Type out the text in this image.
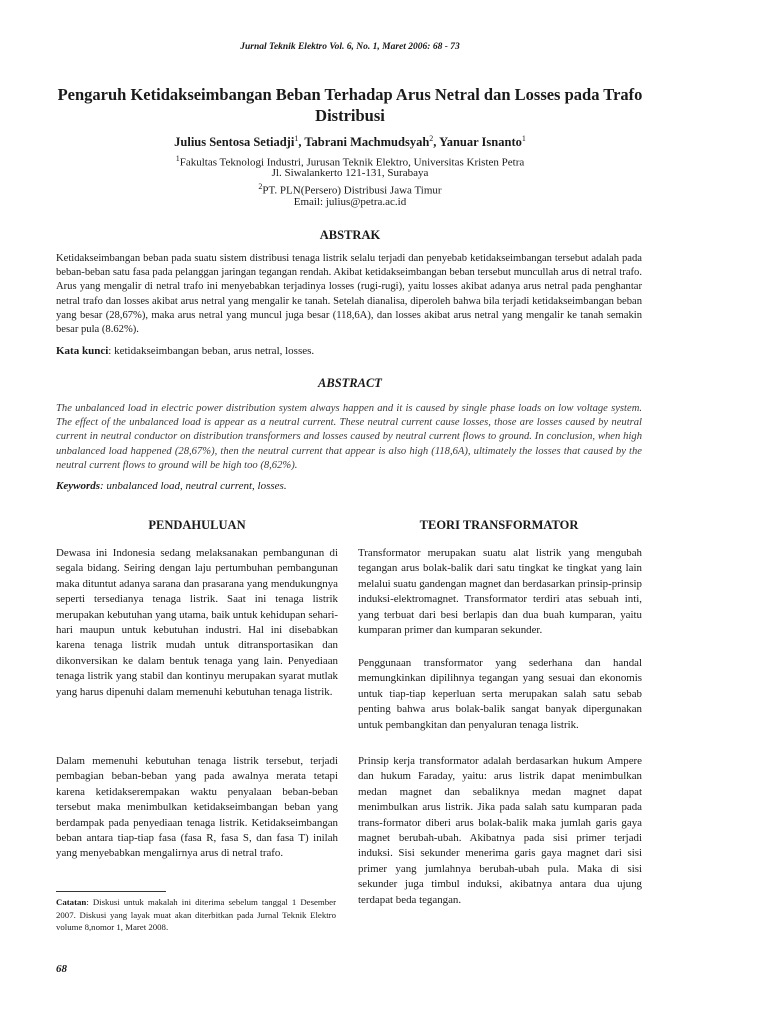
Jurnal Teknik Elektro Vol. 6, No. 1, Maret 2006: 68 - 73
Pengaruh Ketidakseimbangan Beban Terhadap Arus Netral dan Losses pada Trafo Distribusi
Julius Sentosa Setiadji$^1$, Tabrani Machmudsyah$^2$, Yanuar Isnanto$^1$
$^1$Fakultas Teknologi Industri, Jurusan Teknik Elektro, Universitas Kristen Petra
Jl. Siwalankerto 121-131, Surabaya
$^2$PT. PLN(Persero) Distribusi Jawa Timur
Email: julius@petra.ac.id
ABSTRAK
Ketidakseimbangan beban pada suatu sistem distribusi tenaga listrik selalu terjadi dan penyebab ketidakseimbangan tersebut adalah pada beban-beban satu fasa pada pelanggan jaringan tegangan rendah. Akibat ketidakseimbangan beban tersebut muncullah arus di netral trafo. Arus yang mengalir di netral trafo ini menyebabkan terjadinya losses (rugi-rugi), yaitu losses akibat adanya arus netral pada penghantar netral trafo dan losses akibat arus netral yang mengalir ke tanah. Setelah dianalisa, diperoleh bahwa bila terjadi ketidakseimbangan beban yang besar (28,67%), maka arus netral yang muncul juga besar (118,6A), dan losses akibat arus netral yang mengalir ke tanah semakin besar pula (8.62%).
Kata kunci: ketidakseimbangan beban, arus netral, losses.
ABSTRACT
The unbalanced load in electric power distribution system always happen and it is caused by single phase loads on low voltage system. The effect of the unbalanced load is appear as a neutral current. These neutral current cause losses, those are losses caused by neutral current in neutral conductor on distribution transformers and losses caused by neutral current flows to ground. In conclusion, when high unbalanced load happened (28,67%), then the neutral current that appear is also high (118,6A), ultimately the losses that caused by the neutral current flows to ground will be high too (8,62%).
Keywords: unbalanced load, neutral current, losses.
PENDAHULUAN	TEORI TRANSFORMATOR
Dewasa ini Indonesia sedang melaksanakan pembangunan di segala bidang. Seiring dengan laju pertumbuhan pembangunan maka dituntut adanya sarana dan prasarana yang mendukungnya seperti tersedianya tenaga listrik. Saat ini tenaga listrik merupakan kebutuhan yang utama, baik untuk kehidupan sehari-hari maupun untuk kebutuhan industri. Hal ini disebabkan karena tenaga listrik mudah untuk ditransportasikan dan dikonversikan ke dalam bentuk tenaga yang lain. Penyediaan tenaga listrik yang stabil dan kontinyu merupakan syarat mutlak yang harus dipenuhi dalam memenuhi kebutuhan tenaga listrik.
Dalam memenuhi kebutuhan tenaga listrik tersebut, terjadi pembagian beban-beban yang pada awalnya merata tetapi karena ketidakserempakan waktu penyalaan beban-beban tersebut maka menimbulkan ketidakseimbangan beban yang berdampak pada penyediaan tenaga listrik. Ketidakseimbangan beban antara tiap-tiap fasa (fasa R, fasa S, dan fasa T) inilah yang menyebabkan mengalirnya arus di netral trafo.
Transformator merupakan suatu alat listrik yang mengubah tegangan arus bolak-balik dari satu tingkat ke tingkat yang lain melalui suatu gandengan magnet dan berdasarkan prinsip-prinsip induksi-elektromagnet. Transformator terdiri atas sebuah inti, yang terbuat dari besi berlapis dan dua buah kumparan, yaitu kumparan primer dan kumparan sekunder.
Penggunaan transformator yang sederhana dan handal memungkinkan dipilihnya tegangan yang sesuai dan ekonomis untuk tiap-tiap keperluan serta merupakan salah satu sebab penting bahwa arus bolak-balik sangat banyak dipergunakan untuk pembangkitan dan penyaluran tenaga listrik.
Prinsip kerja transformator adalah berdasarkan hukum Ampere dan hukum Faraday, yaitu: arus listrik dapat menimbulkan medan magnet dan sebaliknya medan magnet dapat menimbulkan arus listrik. Jika pada salah satu kumparan pada trans-formator diberi arus bolak-balik maka jumlah garis gaya magnet berubah-ubah. Akibatnya pada sisi primer terjadi induksi. Sisi sekunder menerima garis gaya magnet dari sisi primer yang jumlahnya berubah-ubah pula. Maka di sisi sekunder juga timbul induksi, akibatnya antara dua ujung terdapat beda tegangan.
Catatan: Diskusi untuk makalah ini diterima sebelum tanggal 1 Desember 2007. Diskusi yang layak muat akan diterbitkan pada Jurnal Teknik Elektro volume 8,nomor 1, Maret 2008.
68
